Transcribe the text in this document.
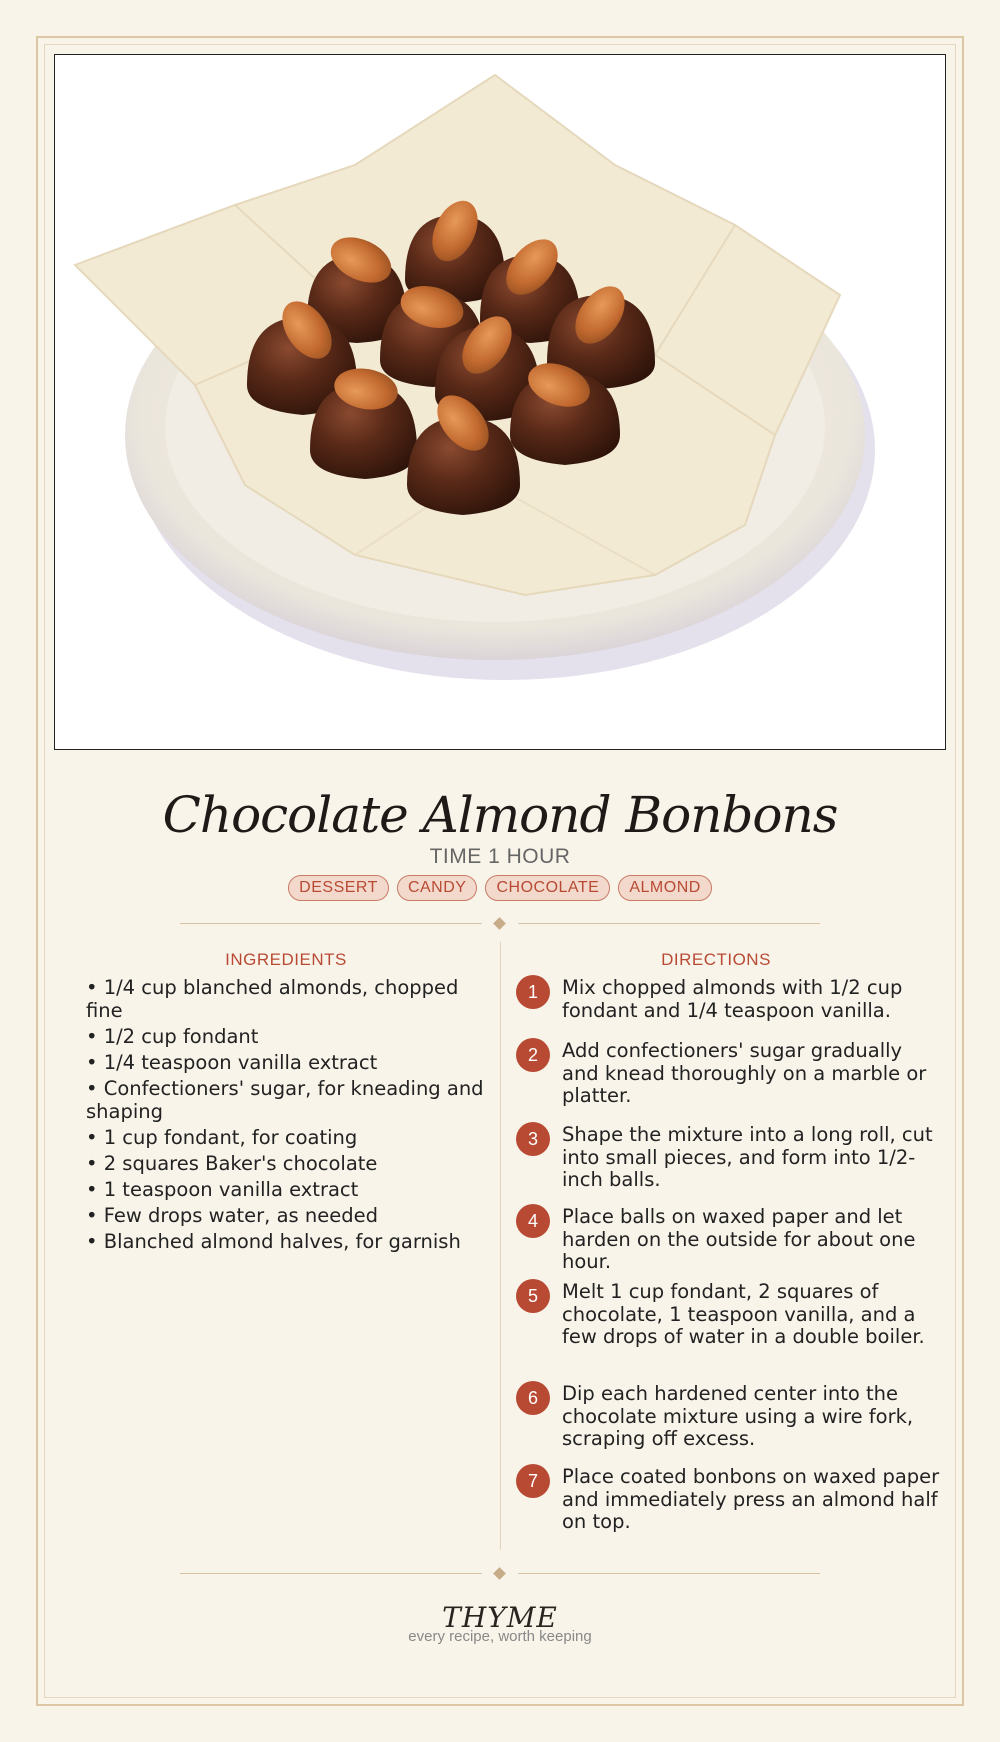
Chocolate Almond Bonbons
TIME 1 HOUR
DESSERT	CANDY	CHOCOLATE	ALMOND
INGREDIENTS
• 1/4 cup blanched almonds, chopped fine
• 1/2 cup fondant
• 1/4 teaspoon vanilla extract
• Confectioners' sugar, for kneading and shaping
• 1 cup fondant, for coating
• 2 squares Baker's chocolate
• 1 teaspoon vanilla extract
• Few drops water, as needed
• Blanched almond halves, for garnish
DIRECTIONS
1	Mix chopped almonds with 1/2 cup fondant and 1/4 teaspoon vanilla.
2	Add confectioners' sugar gradually and knead thoroughly on a marble or platter.
3	Shape the mixture into a long roll, cut into small pieces, and form into 1/2-inch balls.
4	Place balls on waxed paper and let harden on the outside for about one hour.
5	Melt 1 cup fondant, 2 squares of chocolate, 1 teaspoon vanilla, and a few drops of water in a double boiler.
6	Dip each hardened center into the chocolate mixture using a wire fork, scraping off excess.
7	Place coated bonbons on waxed paper and immediately press an almond half on top.
THYME
every recipe, worth keeping
